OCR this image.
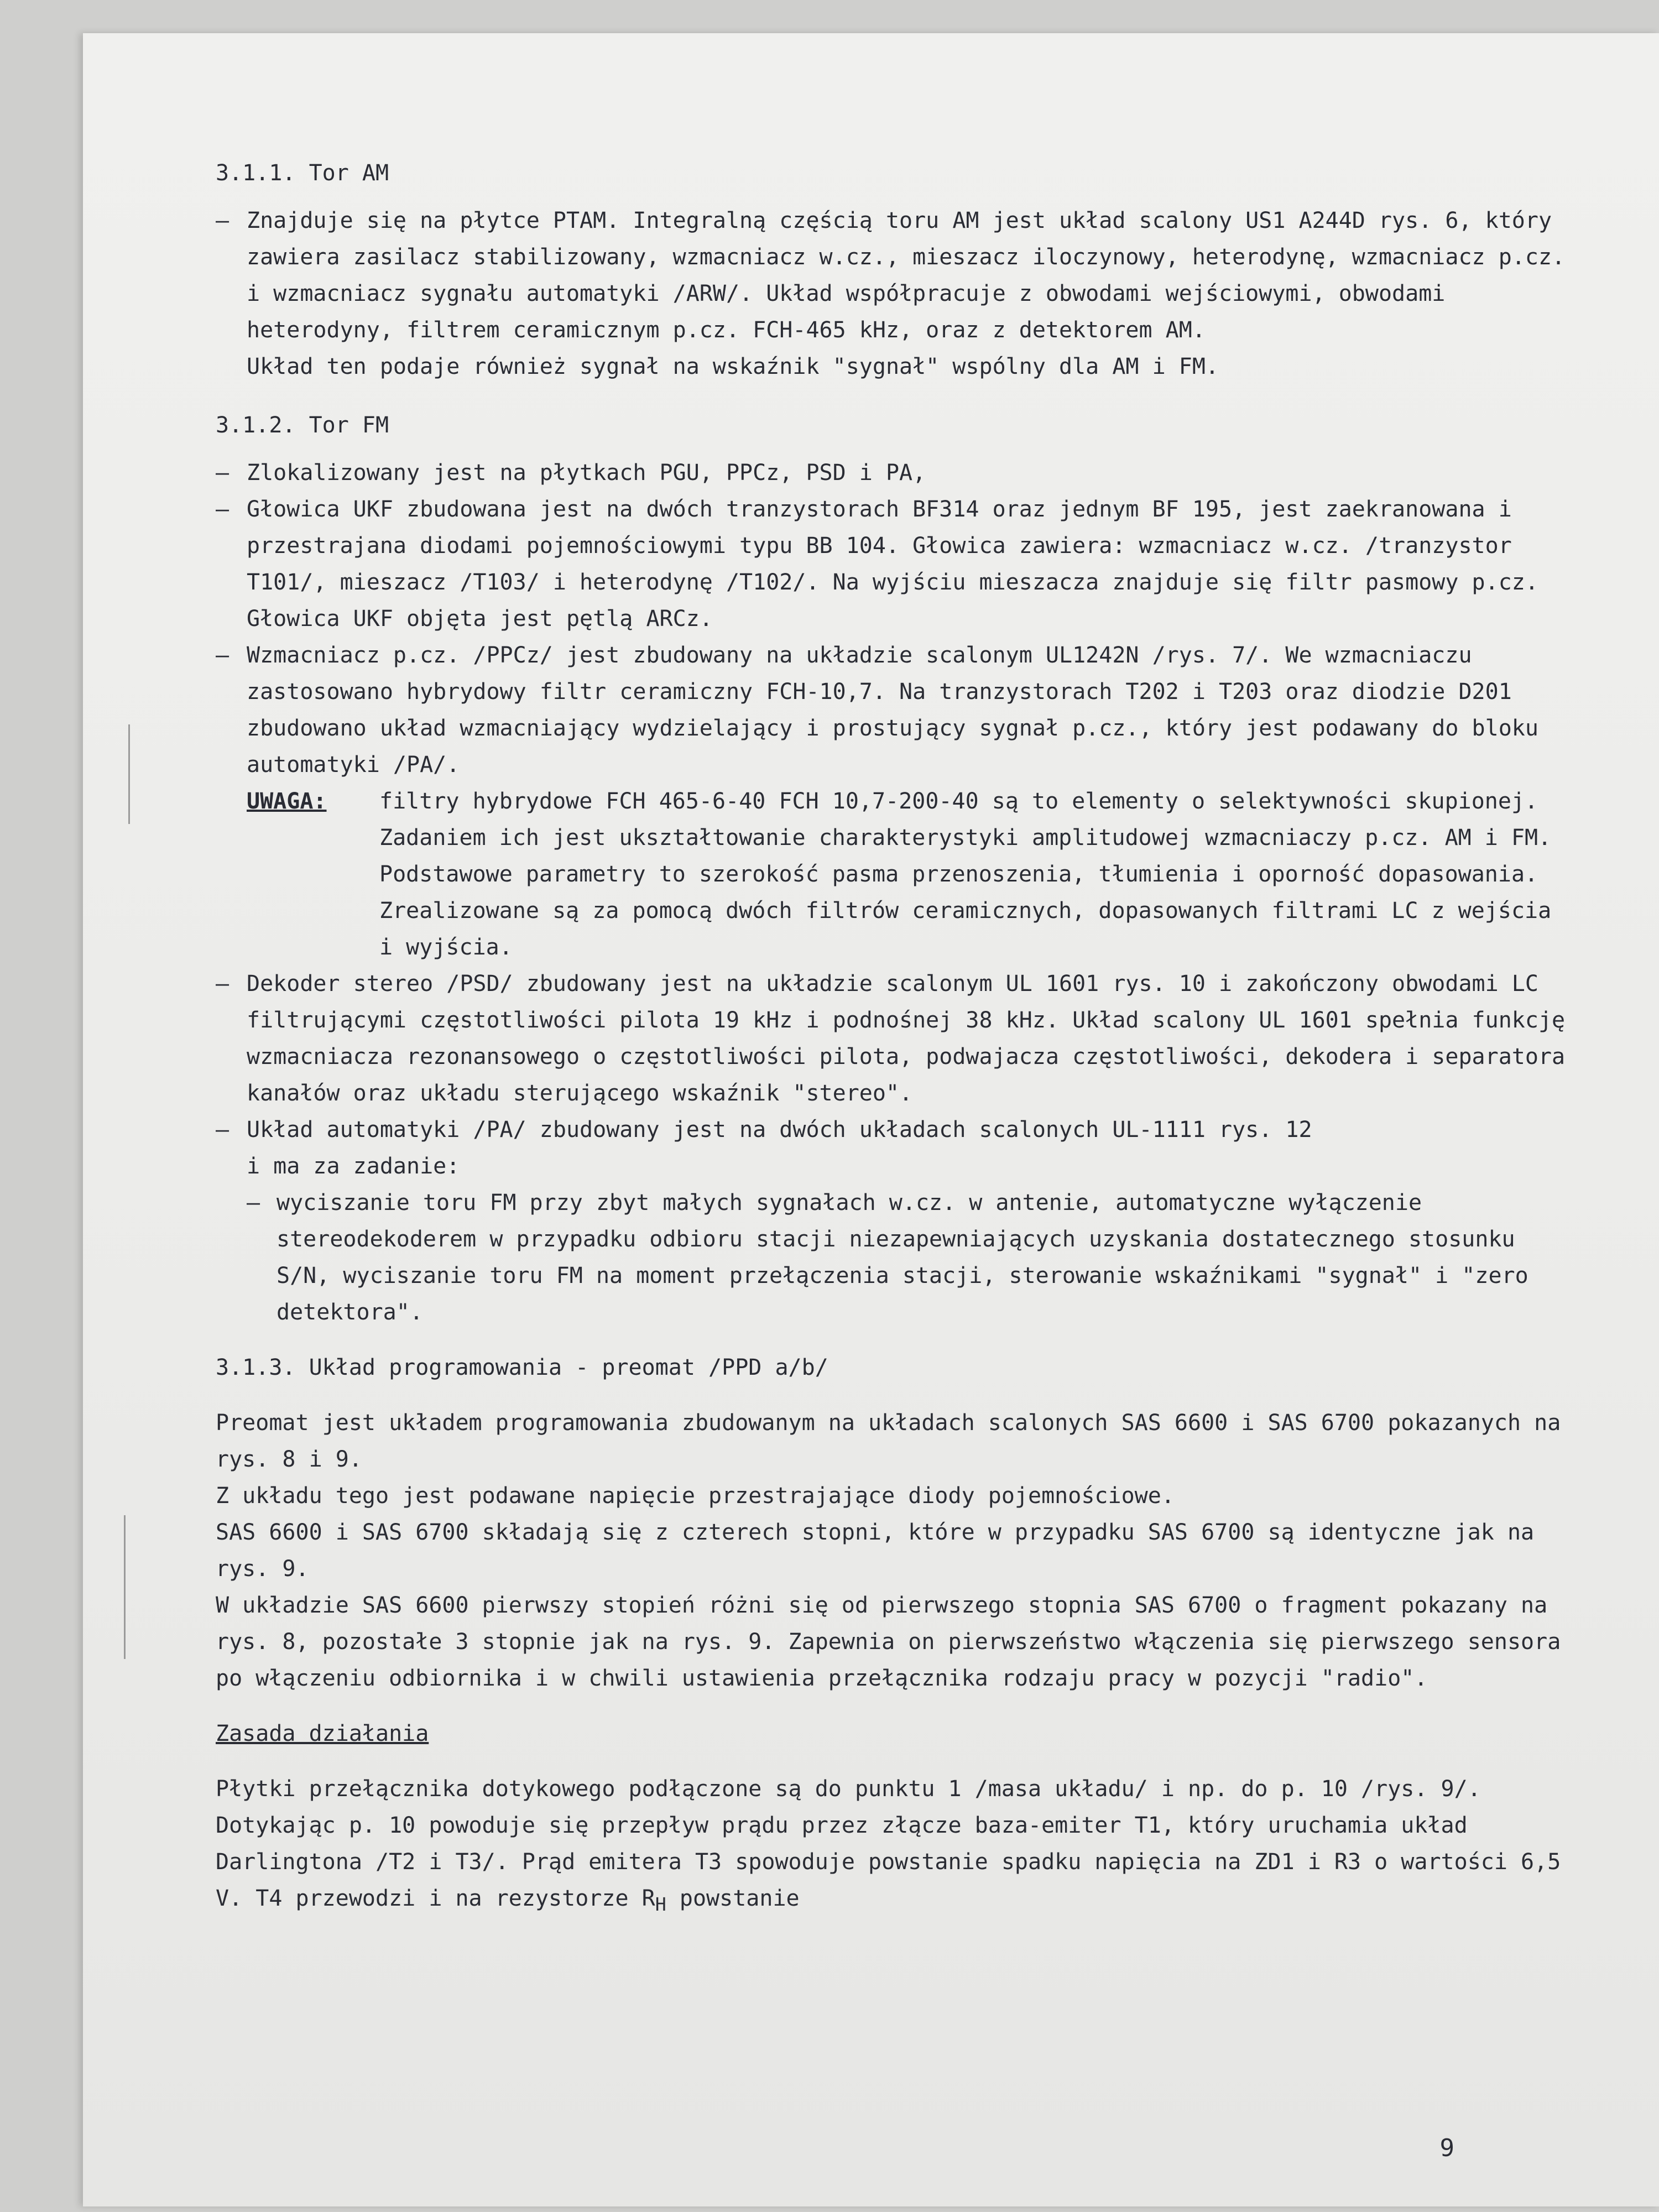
3.1.1. Tor AM
– Znajduje się na płytce PTAM. Integralną częścią toru AM jest układ scalony US1 A244D rys. 6, który zawiera zasilacz stabilizowany, wzmacniacz w.cz., mieszacz iloczynowy, heterodynę, wzmacniacz p.cz. i wzmacniacz sygnału automatyki /ARW/. Układ współpracuje z obwodami wejściowymi, obwodami heterodyny, filtrem ceramicznym p.cz. FCH-465 kHz, oraz z detektorem AM.
Układ ten podaje również sygnał na wskaźnik "sygnał" wspólny dla AM i FM.
3.1.2. Tor FM
– Zlokalizowany jest na płytkach PGU, PPCz, PSD i PA,
– Głowica UKF zbudowana jest na dwóch tranzystorach BF314 oraz jednym BF 195, jest zaekranowana i przestrajana diodami pojemnościowymi typu BB 104. Głowica zawiera: wzmacniacz w.cz. /tranzystor T101/, mieszacz /T103/ i heterodynę /T102/. Na wyjściu mieszacza znajduje się filtr pasmowy p.cz. Głowica UKF objęta jest pętlą ARCz.
– Wzmacniacz p.cz. /PPCz/ jest zbudowany na układzie scalonym UL1242N /rys. 7/. We wzmacniaczu zastosowano hybrydowy filtr ceramiczny FCH-10,7. Na tranzystorach T202 i T203 oraz diodzie D201 zbudowano układ wzmacniający wydzielający i prostujący sygnał p.cz., który jest podawany do bloku automatyki /PA/.
UWAGA: filtry hybrydowe FCH 465-6-40 FCH 10,7-200-40 są to elementy o selektywności skupionej. Zadaniem ich jest ukształtowanie charakterystyki amplitudowej wzmacniaczy p.cz. AM i FM. Podstawowe parametry to szerokość pasma przenoszenia, tłumienia i oporność dopasowania.
Zrealizowane są za pomocą dwóch filtrów ceramicznych, dopasowanych filtrami LC z wejścia i wyjścia.
– Dekoder stereo /PSD/ zbudowany jest na układzie scalonym UL 1601 rys. 10 i zakończony obwodami LC filtrującymi częstotliwości pilota 19 kHz i podnośnej 38 kHz. Układ scalony UL 1601 spełnia funkcję wzmacniacza rezonansowego o częstotliwości pilota, podwajacza częstotliwości, dekodera i separatora kanałów oraz układu sterującego wskaźnik "stereo".
– Układ automatyki /PA/ zbudowany jest na dwóch układach scalonych UL-1111 rys. 12
i ma za zadanie:
– wyciszanie toru FM przy zbyt małych sygnałach w.cz. w antenie, automatyczne wyłączenie stereodekoderem w przypadku odbioru stacji niezapewniających uzyskania dostatecznego stosunku S/N, wyciszanie toru FM na moment przełączenia stacji, sterowanie wskaźnikami "sygnał" i "zero detektora".
3.1.3. Układ programowania - preomat /PPD a/b/
Preomat jest układem programowania zbudowanym na układach scalonych SAS 6600 i SAS 6700 pokazanych na rys. 8 i 9.
Z układu tego jest podawane napięcie przestrajające diody pojemnościowe.
SAS 6600 i SAS 6700 składają się z czterech stopni, które w przypadku SAS 6700 są identyczne jak na rys. 9.
W układzie SAS 6600 pierwszy stopień różni się od pierwszego stopnia SAS 6700 o fragment pokazany na rys. 8, pozostałe 3 stopnie jak na rys. 9. Zapewnia on pierwszeństwo włączenia się pierwszego sensora po włączeniu odbiornika i w chwili ustawienia przełącznika rodzaju pracy w pozycji "radio".
Zasada działania
Płytki przełącznika dotykowego podłączone są do punktu 1 /masa układu/ i np. do p. 10 /rys. 9/. Dotykając p. 10 powoduje się przepływ prądu przez złącze baza-emiter T1, który uruchamia układ Darlingtona /T2 i T3/. Prąd emitera T3 spowoduje powstanie spadku napięcia na ZD1 i R3 o wartości 6,5 V. T4 przewodzi i na rezystorze $R_H$ powstanie
9
